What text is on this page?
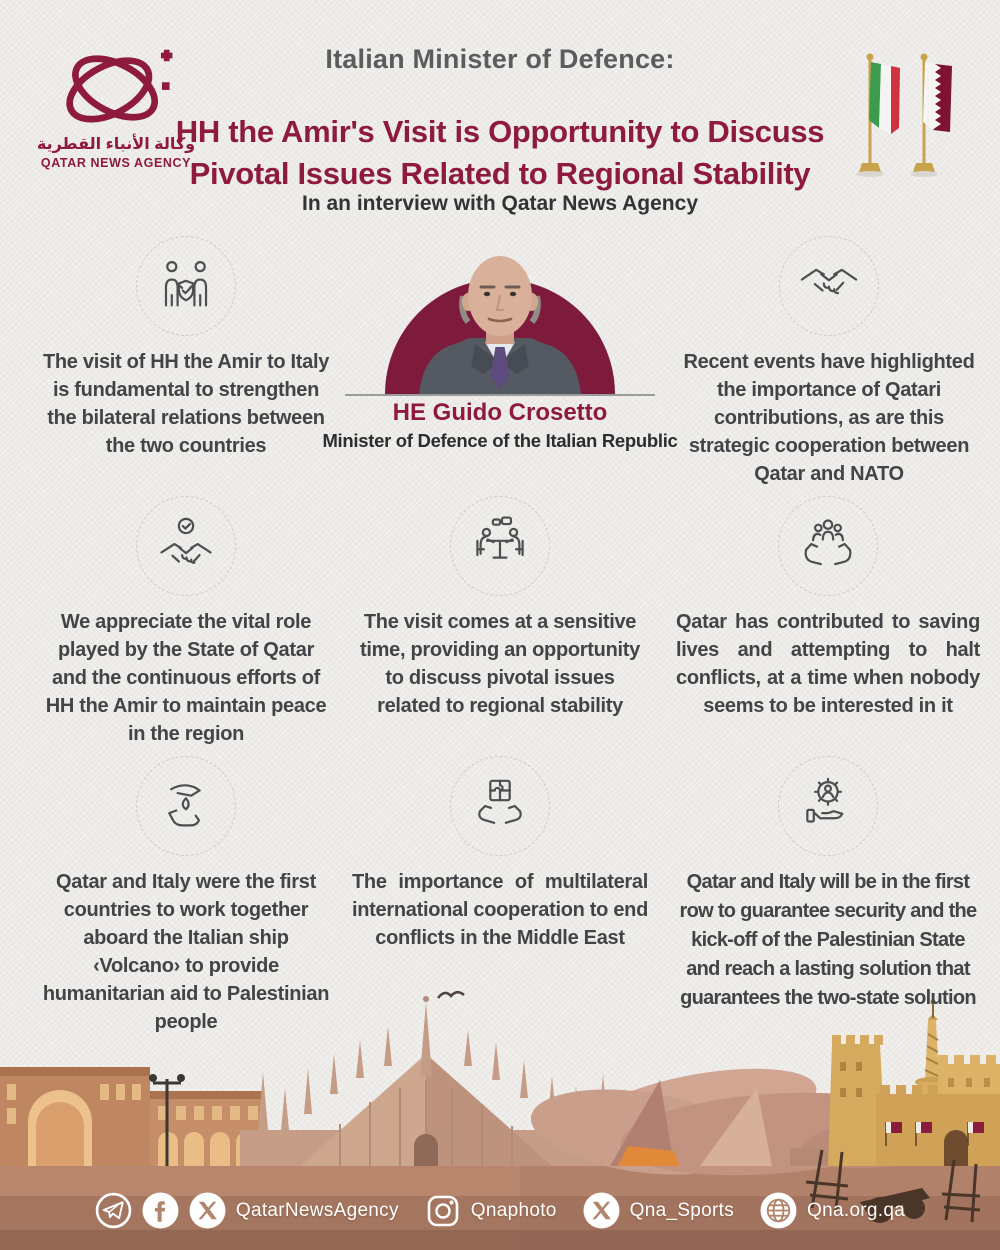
وكالة الأنباء القطرية
QATAR NEWS AGENCY
Italian Minister of Defence:
HH the Amir's Visit is Opportunity to Discuss
Pivotal Issues Related to Regional Stability
In an interview with Qatar News Agency
HE Guido Crosetto
Minister of Defence of the Italian Republic
The visit of HH the Amir to Italy is fundamental to strengthen the bilateral relations between the two countries
Recent events have highlighted the importance of Qatari contributions, as are this strategic cooperation between Qatar and NATO
We appreciate the vital role played by the State of Qatar and the continuous efforts of HH the Amir to maintain peace in the region
The visit comes at a sensitive time, providing an opportunity to discuss pivotal issues related to regional stability
Qatar has contributed to saving lives and attempting to halt conflicts, at a time when nobody seems to be interested in it
Qatar and Italy were the first countries to work together aboard the Italian ship ‹Volcano› to provide humanitarian aid to Palestinian people
The importance of multilateral international cooperation to end conflicts in the Middle East
Qatar and Italy will be in the first row to guarantee security and the kick-off of the Palestinian State and reach a lasting solution that guarantees the two-state solution
QatarNewsAgency	Qnaphoto	Qna_Sports	Qna.org.qa
